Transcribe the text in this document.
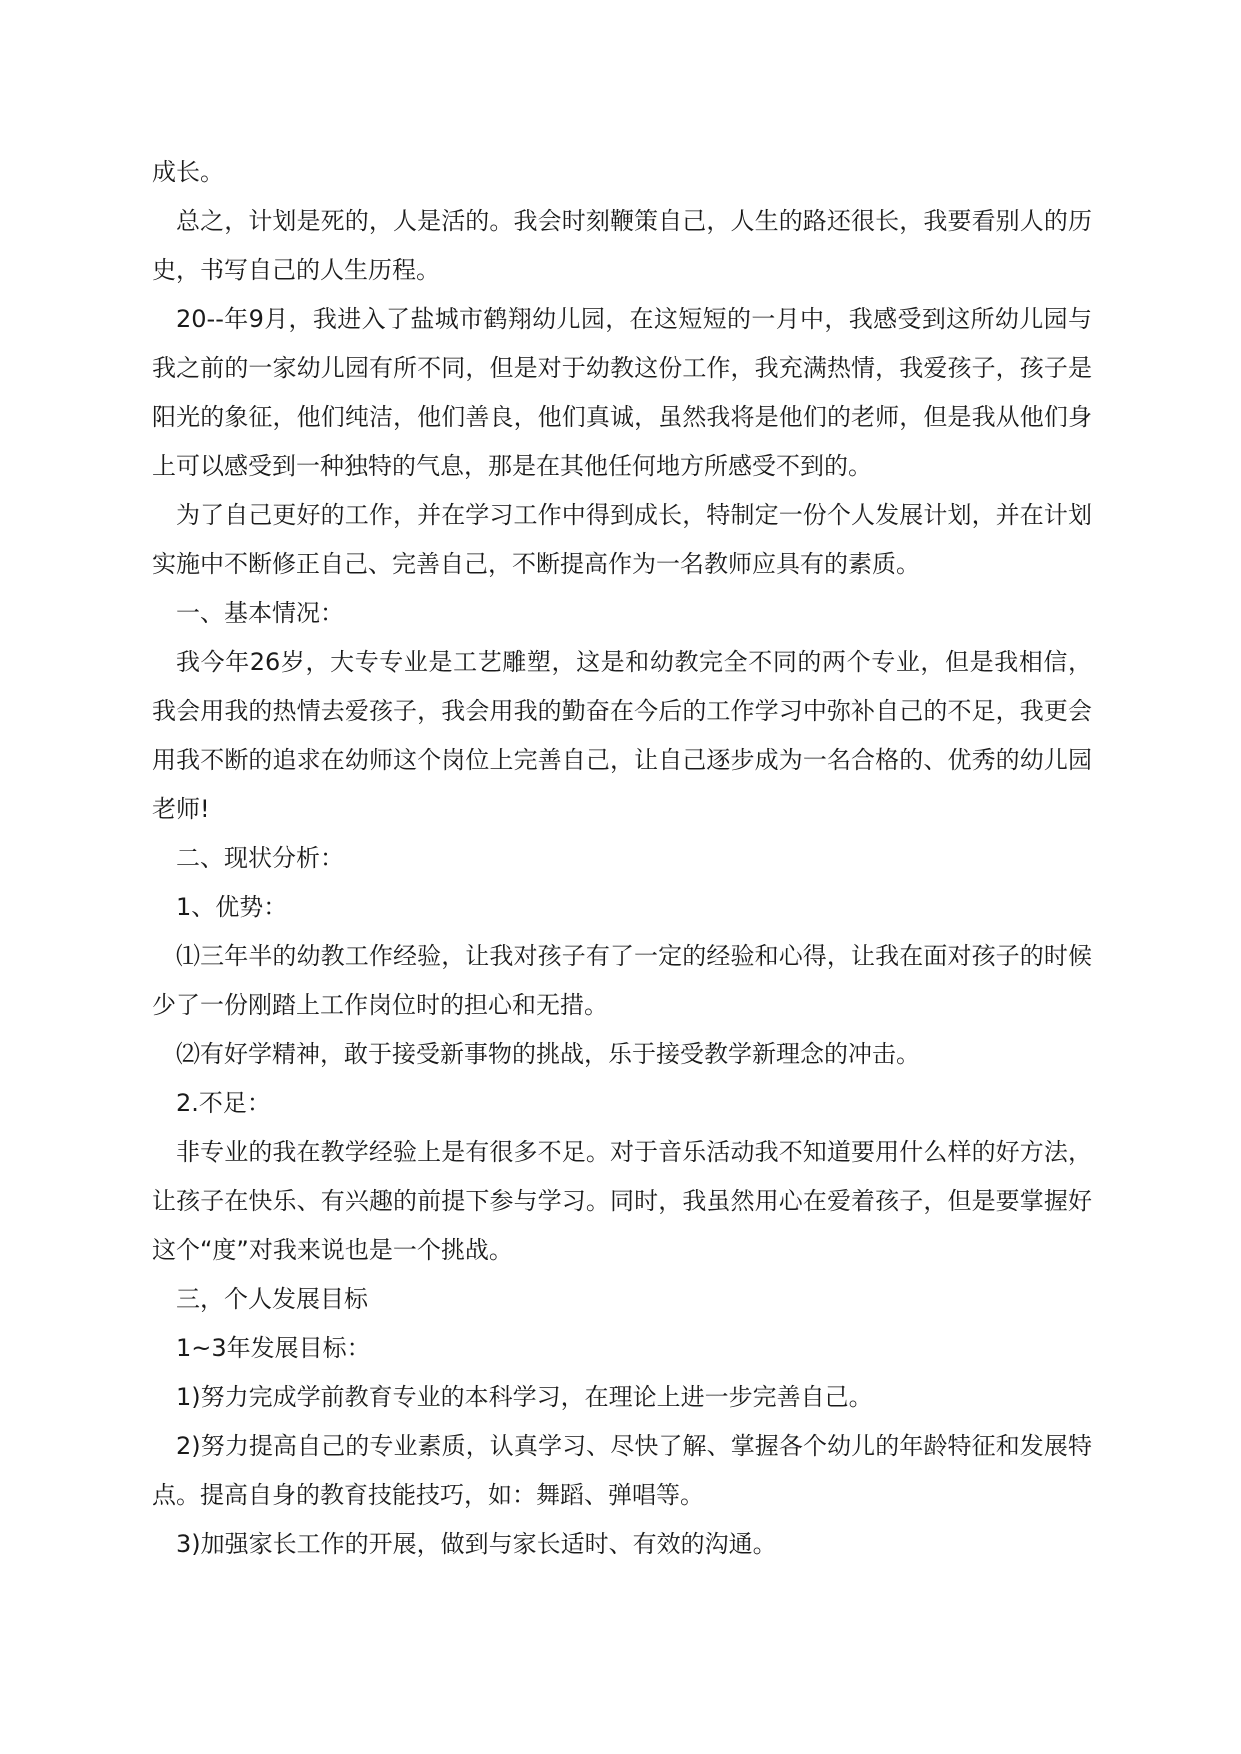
成长。

总之，计划是死的，人是活的。我会时刻鞭策自己，人生的路还很长，我要看别人的历史，书写自己的人生历程。

20--年9月，我进入了盐城市鹤翔幼儿园，在这短短的一月中，我感受到这所幼儿园与我之前的一家幼儿园有所不同，但是对于幼教这份工作，我充满热情，我爱孩子，孩子是阳光的象征，他们纯洁，他们善良，他们真诚，虽然我将是他们的老师，但是我从他们身上可以感受到一种独特的气息，那是在其他任何地方所感受不到的。

为了自己更好的工作，并在学习工作中得到成长，特制定一份个人发展计划，并在计划实施中不断修正自己、完善自己，不断提高作为一名教师应具有的素质。

一、基本情况：

我今年26岁，大专专业是工艺雕塑，这是和幼教完全不同的两个专业，但是我相信，我会用我的热情去爱孩子，我会用我的勤奋在今后的工作学习中弥补自己的不足，我更会用我不断的追求在幼师这个岗位上完善自己，让自己逐步成为一名合格的、优秀的幼儿园老师!

二、现状分析：

1、优势：

⑴三年半的幼教工作经验，让我对孩子有了一定的经验和心得，让我在面对孩子的时候少了一份刚踏上工作岗位时的担心和无措。

⑵有好学精神，敢于接受新事物的挑战，乐于接受教学新理念的冲击。

2.不足：

非专业的我在教学经验上是有很多不足。对于音乐活动我不知道要用什么样的好方法，让孩子在快乐、有兴趣的前提下参与学习。同时，我虽然用心在爱着孩子，但是要掌握好这个“度”对我来说也是一个挑战。

三，个人发展目标

1~3年发展目标：

1)努力完成学前教育专业的本科学习，在理论上进一步完善自己。

2)努力提高自己的专业素质，认真学习、尽快了解、掌握各个幼儿的年龄特征和发展特点。提高自身的教育技能技巧，如：舞蹈、弹唱等。

3)加强家长工作的开展，做到与家长适时、有效的沟通。
